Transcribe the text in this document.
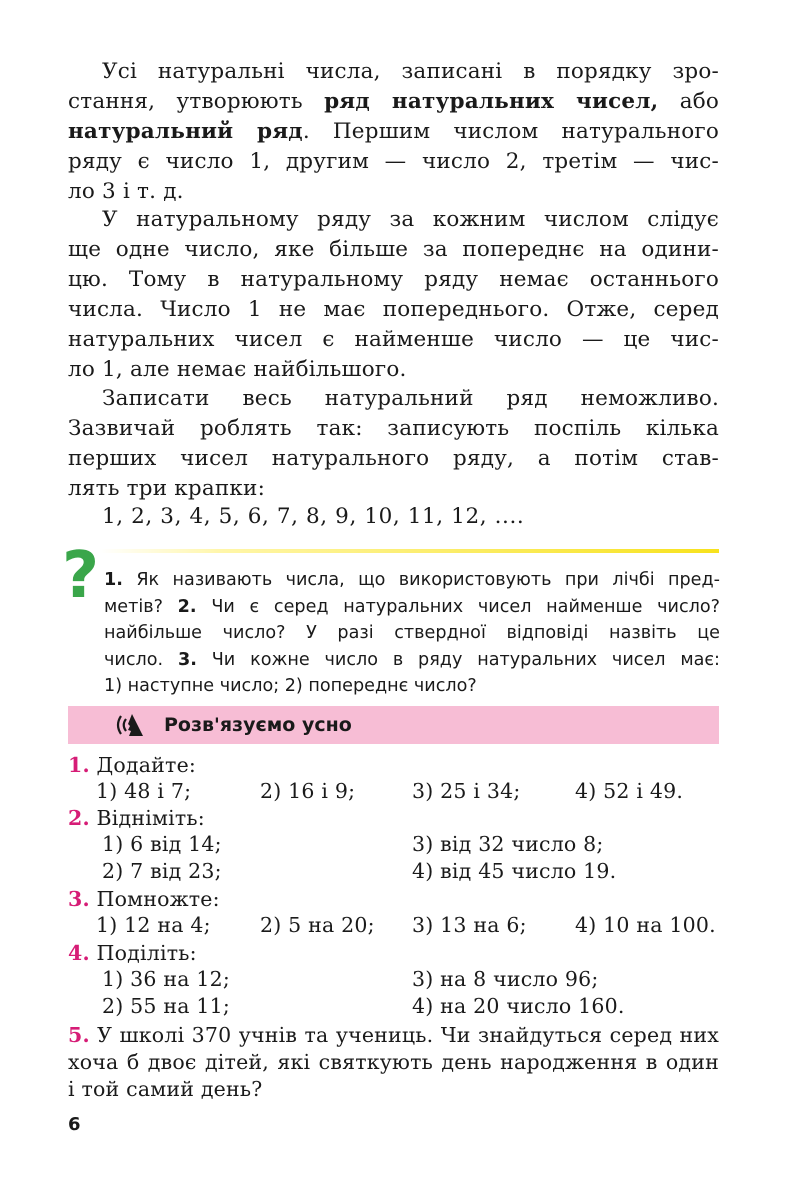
Усі натуральні числа, записані в порядку зро-
стання, утворюють ряд натуральних чисел, або
натуральний ряд. Першим числом натурального
ряду є число 1, другим — число 2, третім — чис-
ло 3 і т. д.
У натуральному ряду за кожним числом слідує
ще одне число, яке більше за попереднє на одини-
цю. Тому в натуральному ряду немає останнього
числа. Число 1 не має попереднього. Отже, серед
натуральних чисел є найменше число — це чис-
ло 1, але немає найбільшого.
Записати весь натуральний ряд неможливо.
Зазвичай роблять так: записують поспіль кілька
перших чисел натурального ряду, а потім став-
лять три крапки:
1, 2, 3, 4, 5, 6, 7, 8, 9, 10, 11, 12, ....
? 1. Як називають числа, що використовують при лічбі пред-
метів? 2. Чи є серед натуральних чисел найменше число?
найбільше число? У разі ствердної відповіді назвіть це
число. 3. Чи кожне число в ряду натуральних чисел має:
1) наступне число; 2) попереднє число?
Розв'язуємо усно
1. Додайте:
1) 48 і 7;	2) 16 і 9;	3) 25 і 34;	4) 52 і 49.
2. Відніміть:
1) 6 від 14;	3) від 32 число 8;
2) 7 від 23;	4) від 45 число 19.
3. Помножте:
1) 12 на 4; 2) 5 на 20; 3) 13 на 6; 4) 10 на 100.
4. Поділіть:
1) 36 на 12;	3) на 8 число 96;
2) 55 на 11;	4) на 20 число 160.
5. У школі 370 учнів та учениць. Чи знайдуться серед них
хоча б двоє дітей, які святкують день народження в один
і той самий день?
6
